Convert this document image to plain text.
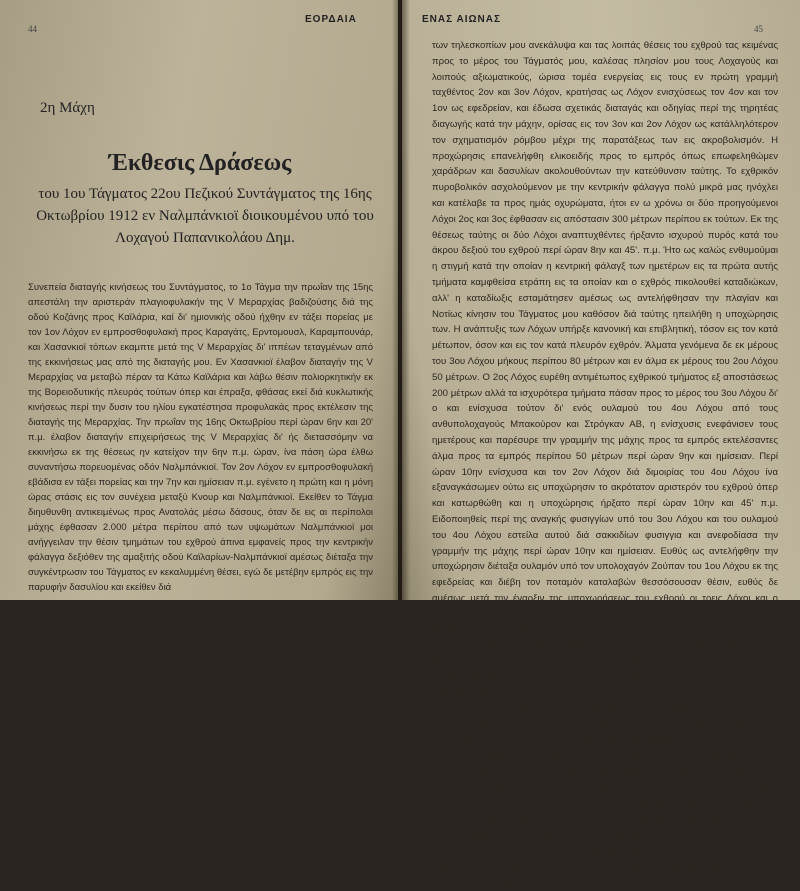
ΕΟΡΔΑΙΑ
44
2η Μάχη
Έκθεσις Δράσεως
του 1ου Τάγματος 22ου Πεζικού Συντάγματος της 16ης Οκτωβρίου 1912 εν Ναλμπάνκιοϊ διοικουμένου υπό του Λοχαγού Παπανικολάου Δημ.
Συνεπεία διαταγής κινήσεως του Συντάγματος, το 1ο Τάγμα την πρωΐαν της 15ης απεστάλη την αριστεράν πλαγιοφυλακήν της V Μεραρχίας βαδιζούσης διά της οδού Κοζάνης προς Καϊλάρια, καί δι' ημιονικής οδού ήχθην εν τάξει πορείας με τον 1ον Λόχον εν εμπροσθοφυλακή προς Καραγάτς, Ερντομουσλ, Καραμπουνάρ, και Χασανκιοϊ τόπων εκαμπτε μετά της V Μεραρχίας δι' ιππέων τεταγμένων από της εκκινήσεως μας από της διαταγής μου. Εν Χασανκιοϊ έλαβον διαταγήν της V Μεραρχίας να μεταβώ πέραν τα Κάτω Καϊλάρια και λάβω θέσιν πολιορκητικήν εκ της Βορειοδυτικής πλευράς τούτων όπερ και έπραξα, φθάσας εκεί διά κυκλωτικής κινήσεως περί την δυσιν του ηλίου εγκατέστησα προφυλακάς προς εκτέλεσιν της διαταγής της Μεραρχίας. Την πρωΐαν της 16ης Οκτωβρίου περί ώραν 6ην και 20' π.μ. έλαβον διαταγήν επιχειρήσεως της V Μεραρχίας δι' ής διετασσόμην να εκκινήσω εκ της θέσεως ην κατείχον την 6ην π.μ. ώραν, ίνα πάση ώρα έλθω συναντήσω πορευομένας οδόν Ναλμπάνκιοϊ. Τον 2ον Λόχον εν εμπροσθοφυλακή εβάδισα εν τάξει πορείας και την 7ην και ημίσειαν π.μ. εγένετο η πρώτη και η μόνη ώρας στάσις εις τον συνέχεια μεταξύ Κνουρ και Ναλμπάνκιοϊ. Εκείθεν το Τάγμα διηυθυνθη αντικειμένως προς Ανατολάς μέσω δάσους, όταν δε εις αι περίπολοι μάχης έφθασαν 2.000 μέτρα περίπου από των υψωμάτων Ναλμπάνκιοϊ μοι ανήγγειλαν την θέσιν τμημάτων του εχθρού άπινα εμφανείς προς την κεντρικήν φάλαγγα δεξιόθεν της αμαξιτής οδού Καϊλαρίων-Ναλμπάνκιοϊ αμέσως διέταξα την συγκέντρωσιν του Τάγματος εν κεκαλυμμένη θέσει, εγώ δε μετέβην εμπρός εις την παρυφήν δασυλίου και εκείθεν διά
ΕΝΑΣ ΑΙΩΝΑΣ
45
των τηλεσκοπίων μου ανεκάλυψα και τας λοιπάς θέσεις του εχθρού τας κειμένας προς το μέρος του Τάγματός μου, καλέσας πλησίον μου τους Λοχαγούς και λοιπούς αξιωματικούς, ώρισα τομέα ενεργείας εις τους εν πρώτη γραμμή ταχθέντος 2ον και 3ον Λόχον, κρατήσας ως Λόχον ενισχύσεως τον 4ον και τον 1ον ως εφεδρείαν, και έδωσα σχετικάς διαταγάς και οδηγίας περί της τηρητέας διαγωγής κατά την μάχην, ορίσας εις τον 3ον και 2ον Λόχον ως κατάλληλότερον τον σχηματισμόν ρόμβου μέχρι της παρατάξεως των εις ακροβολισμόν. Η προχώρησις επανελήφθη ελικοειδής προς το εμπρός όπως επωφεληθώμεν χαράδρων και δασυλίων ακολουθούντων την κατεύθυνσιν ταύτης. Το εχθρικόν πυροβολικόν ασχολούμενον με την κεντρικήν φάλαγγα πολύ μικρά μας ηνόχλει και κατέλαβε τα προς ημάς οχυρώματα, ήτοι εν ω χρόνω οι δύο προηγούμενοι Λόχοι 2ος και 3ος έφθασαν εις απόστασιν 300 μέτρων περίπου εκ τούτων. Εκ της θέσεως ταύτης οι δύο Λόχοι αναπτυχθέντες ήρξαντο ισχυρού πυρός κατά του άκρου δεξιού του εχθρού περί ώραν 8ην και 45'. π.μ. Ήτο ως καλώς ενθυμούμαι η στιγμή κατά την οποίαν η κεντρική φάλαγξ των ημετέρων εις τα πρώτα αυτής τμήματα καμφθείσα ετράπη εις τα οποίαν και ο εχθρός πικολουθεί καταδιώκων, αλλ' η καταδίωξις εσταμάτησεν αμέσως ως αντελήφθησαν την πλαγίαν και Νοτίως κίνησιν του Τάγματος μου καθόσον διά ταύτης ηπειλήθη η υποχώρησις των. Η ανάπτυξις των Λόχων υπήρξε κανονική και επιβλητική, τόσον εις τον κατά μέτωπον, όσον και εις τον κατά πλευρόν εχθρόν. Άλματα γενόμενα δε εκ μέρους του 3ου Λόχου μήκους περίπου 80 μέτρων και εν άλμα εκ μέρους του 2ου Λόχου 50 μέτρων. Ο 2ος Λόχος ευρέθη αντιμέτωπος εχθρικού τμήματος εξ αποστάσεως 200 μέτρων αλλά τα ισχυρότερα τμήματα πάσαν προς το μέρος του 3ου Λόχου δι' ο και ενίσχυσα τούτον δι' ενός ουλαμού του 4ου Λόχου από τους ανθυπολοχαγούς Μπακούρον και Στρόγκαν ΑΒ, η ενίσχυσις ενεφάνισεν τους ημετέρους και παρέσυρε την γραμμήν της μάχης προς τα εμπρός εκτελέσαντες άλμα προς τα εμπρός περίπου 50 μέτρων περί ώραν 9ην και ημίσειαν. Περί ώραν 10ην ενίσχυσα και τον 2ον Λόχον διά διμοιρίας του 4ου Λόχου ίνα εξαναγκάσωμεν ούτω εις υποχώρησιν το ακρότατον αριστερόν του εχθρού όπερ και κατωρθώθη και η υποχώρησις ήρξατο περί ώραν 10ην και 45' π.μ. Ειδοποιηθείς περί της αναγκής φυσιγγίων υπό του 3ου Λόχου και του ουλαμού του 4ου Λόχου εστείλα αυτού διά σακκιδίων φυσιγγια και ανεφοδίασα την γραμμήν της μάχης περί ώραν 10ην και ημίσειαν. Ευθύς ως αντελήφθην την υποχώρησιν διέταξα ουλαμόν υπό τον υπολοχαγόν Ζούπαν του 1ου Λόχου εκ της εφεδρείας και διέβη τον ποταμόν καταλαβών θεσσόσουσαν θέσιν, ευθύς δε αμέσως μετά την έναρξιν της υποχωρήσεως του εχθρού οι τρεις Λόχοι και ο ουλαμός του 1ου Λόχου διαδοχικώς από θέσεως εις θέσιν ήρξαντο της καταδιώξεως του εχθρού όστις και κατ' αρχάς υπεχώρει κανονικώς και κατόπιν περί ώραν 11ην και ημίσειαν ατάκτως προς την αμαξιτήν οδόν Ναλμπάν-κιοϊ-Σόροβιτς. Εκτός των τμημάτων τούτων του εχθρού έτερα ευρισκόμενα προς το χωρίον και Ανατολικώς τούτου και μη δυνηθέντα να υποχωρήσωσι διά της αμαξιτής οδού ην ανεκάλυπτε διά των πυρών των εξ εγγυτάτης απόστασιν τμήματα του 2ου Λόχου του υπ' εμέ Τάγματος, ηναγκάσθησαν να υποχωρήσωσι διά της ημιονικής οδού προς Τσαλτσιλάρ. Ο 3ος Λόχος μετά ουλαμού του υπολοχαγού Μπακούρου και Στρόγκαν ΑΒ, καταδιώξαντες το Νοτιοανατολικόν του χωρίου Ναλμπάνκιοϊ εχθρικά τμήματα εσταμάτησαν την καταδίωξιν αμέσως ότε τα επεφάνησαν εις την αμαξιτήν οδόν βαδίζουσαν τμήματα του εχθρού διά της Βορειοδυτικής τούτου επί των υψωμάτων ως απομακρυνθέντος του εχθρού διά της ημιονικής οδού Τσαλτσιλάρ, ενώ η καταδίωξις εκ μέρους των τμημάτων του 2ου Λόχου και του ουλαμού του υπολοχαγού Δημητροπούλου και ανθυπολοχαγού Μελών 4ου Λόχου εκ της θέσεως της τούτων ως προς το αριστερόν του εχθρού και από της αριστερότερον ούτω των τμημάτων του 2ου Λόχου και εκ του αριστερού μέρους του 1ου Λόχου εσταμάτησε παραλλήλως και πλησιέστατα της αμαξιτής οδού
